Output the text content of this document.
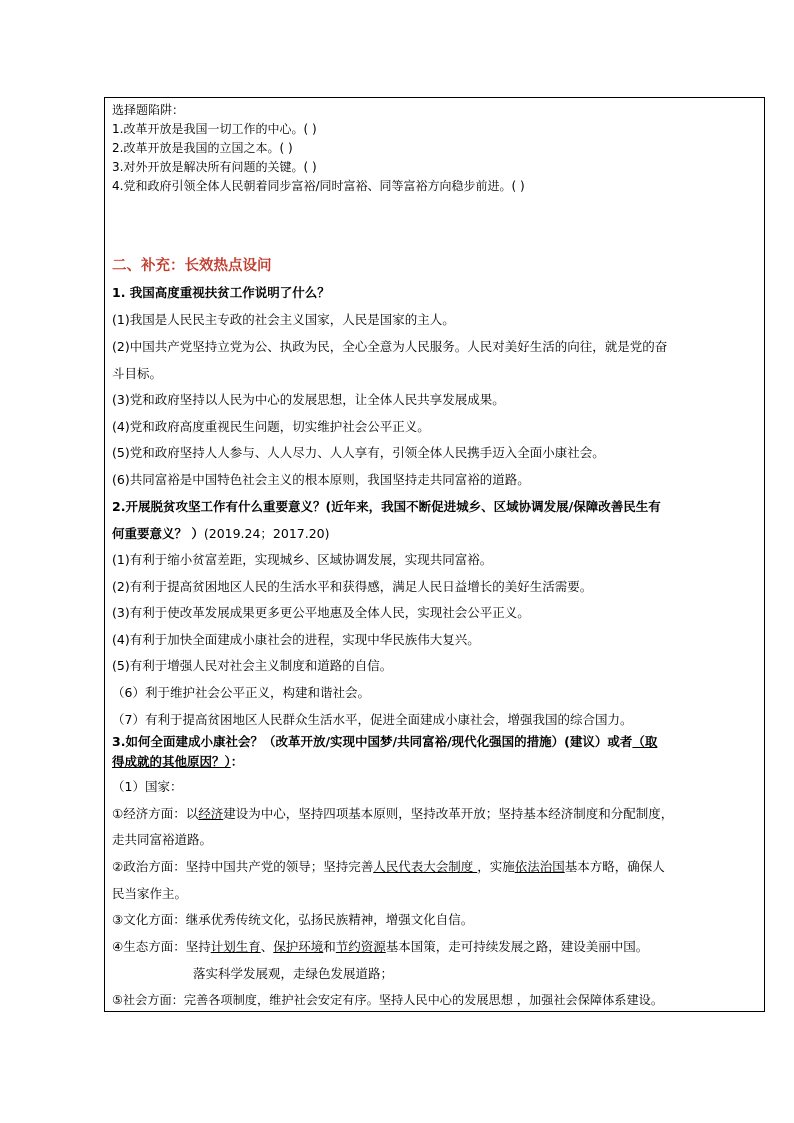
选择题陷阱：
1.改革开放是我国一切工作的中心。( )
2.改革开放是我国的立国之本。( )
3.对外开放是解决所有问题的关键。( )
4.党和政府引领全体人民朝着同步富裕/同时富裕、同等富裕方向稳步前进。( )
二、补充：长效热点设问
1. 我国高度重视扶贫工作说明了什么？
(1)我国是人民民主专政的社会主义国家，人民是国家的主人。
(2)中国共产党坚持立党为公、执政为民，全心全意为人民服务。人民对美好生活的向往，就是党的奋
斗目标。
(3)党和政府坚持以人民为中心的发展思想，让全体人民共享发展成果。
(4)党和政府高度重视民生问题，切实维护社会公平正义。
(5)党和政府坚持人人参与、人人尽力、人人享有，引领全体人民携手迈入全面小康社会。
(6)共同富裕是中国特色社会主义的根本原则，我国坚持走共同富裕的道路。
2.开展脱贫攻坚工作有什么重要意义？(近年来，我国不断促进城乡、区域协调发展/保障改善民生有
何重要意义？ ）(2019.24；2017.20)
(1)有利于缩小贫富差距，实现城乡、区域协调发展，实现共同富裕。
(2)有利于提高贫困地区人民的生活水平和获得感，满足人民日益增长的美好生活需要。
(3)有利于使改革发展成果更多更公平地惠及全体人民，实现社会公平正义。
(4)有利于加快全面建成小康社会的进程，实现中华民族伟大复兴。
(5)有利于增强人民对社会主义制度和道路的自信。
（6）利于维护社会公平正义，构建和谐社会。
（7）有利于提高贫困地区人民群众生活水平，促进全面建成小康社会，增强我国的综合国力。
3.如何全面建成小康社会？（改革开放/实现中国梦/共同富裕/现代化强国的措施）(建议）或者（取
得成就的其他原因？）：
（1）国家：
①经济方面：以经济建设为中心，坚持四项基本原则，坚持改革开放；坚持基本经济制度和分配制度，
走共同富裕道路。
②政治方面：坚持中国共产党的领导；坚持完善人民代表大会制度 ，实施依法治国基本方略，确保人
民当家作主。
③文化方面：继承优秀传统文化，弘扬民族精神，增强文化自信。
④生态方面：坚持计划生育、保护环境和节约资源基本国策，走可持续发展之路，建设美丽中国。
落实科学发展观，走绿色发展道路；
⑤社会方面：完善各项制度，维护社会安定有序。坚持人民中心的发展思想 ，加强社会保障体系建设。
